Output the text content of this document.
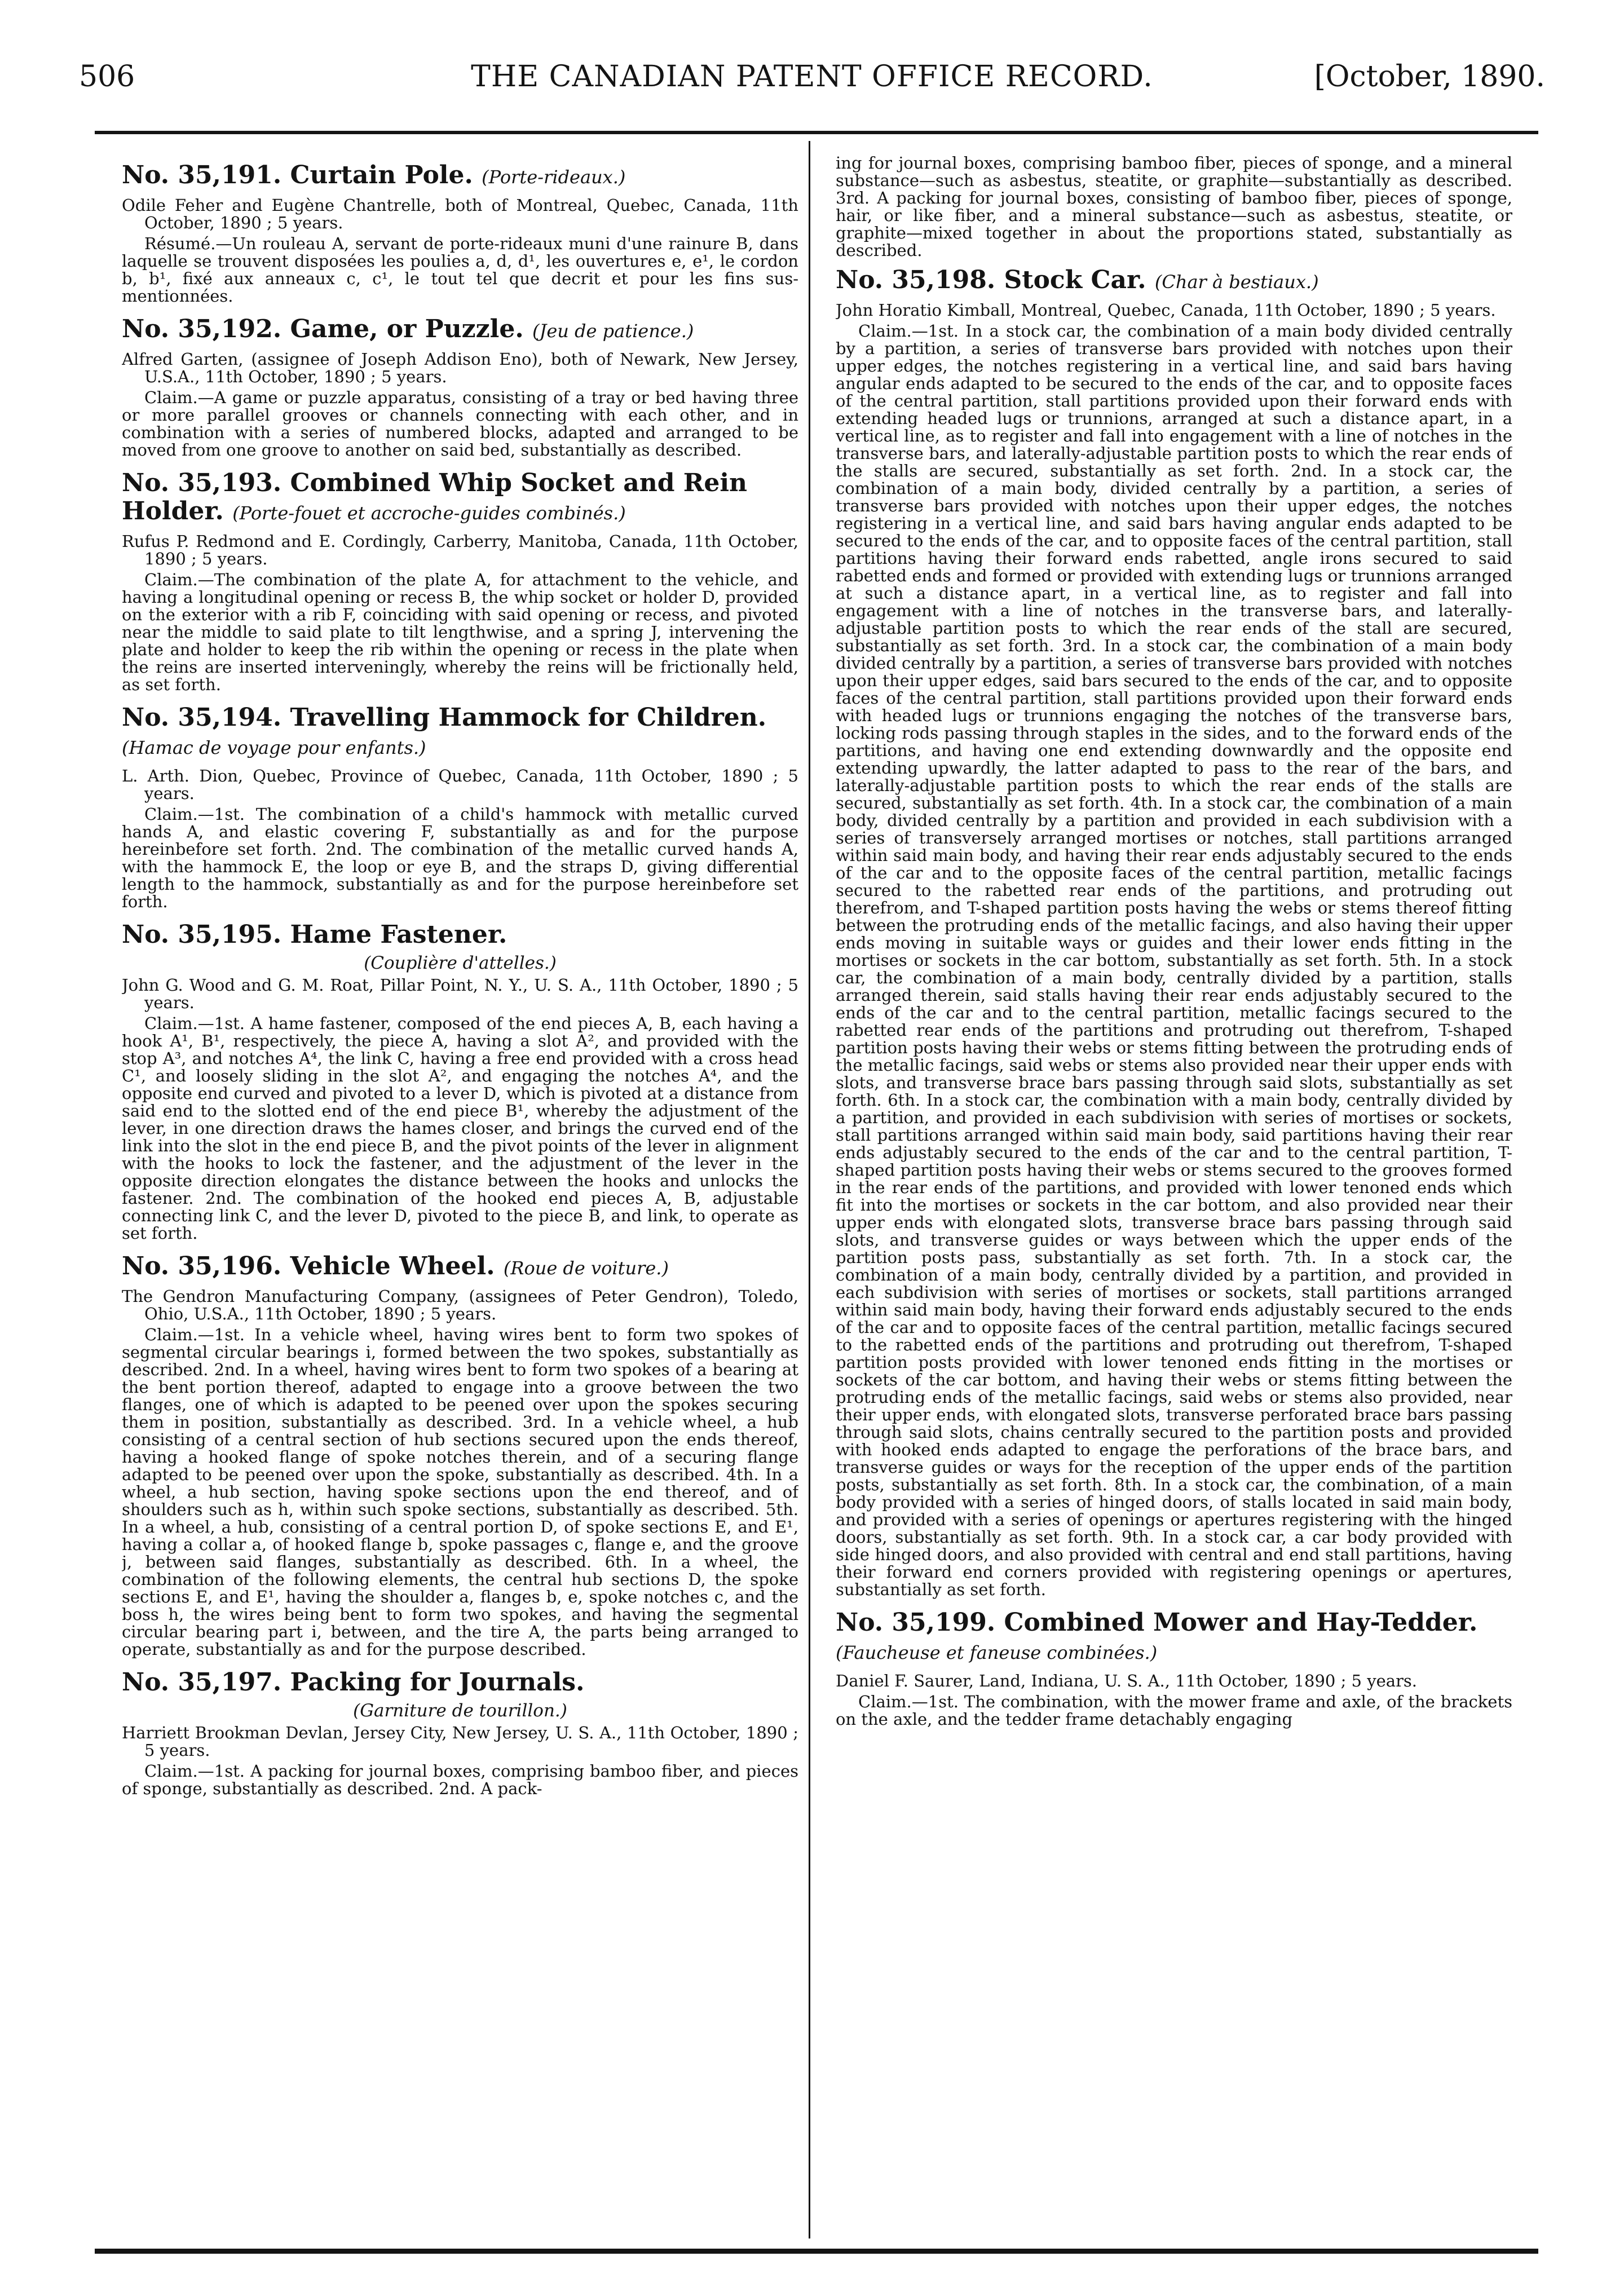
506	THE CANADIAN PATENT OFFICE RECORD.	[October, 1890.
No. 35,191. Curtain Pole. (Porte-rideaux.)
Odile Feher and Eugène Chantrelle, both of Montreal, Quebec, Canada, 11th October, 1890 ; 5 years.
Résumé.—Un rouleau A, servant de porte-rideaux muni d'une rainure B, dans laquelle se trouvent disposées les poulies a, d, d¹, les ouvertures e, e¹, le cordon b, b¹, fixé aux anneaux c, c¹, le tout tel que decrit et pour les fins sus-mentionnées.
No. 35,192. Game, or Puzzle. (Jeu de patience.)
Alfred Garten, (assignee of Joseph Addison Eno), both of Newark, New Jersey, U.S.A., 11th October, 1890 ; 5 years.
Claim.—A game or puzzle apparatus, consisting of a tray or bed having three or more parallel grooves or channels connecting with each other, and in combination with a series of numbered blocks, adapted and arranged to be moved from one groove to another on said bed, substantially as described.
No. 35,193. Combined Whip Socket and Rein Holder. (Porte-fouet et accroche-guides combinés.)
Rufus P. Redmond and E. Cordingly, Carberry, Manitoba, Canada, 11th October, 1890 ; 5 years.
Claim.—The combination of the plate A, for attachment to the vehicle, and having a longitudinal opening or recess B, the whip socket or holder D, provided on the exterior with a rib F, coinciding with said opening or recess, and pivoted near the middle to said plate to tilt lengthwise, and a spring J, intervening the plate and holder to keep the rib within the opening or recess in the plate when the reins are inserted interveningly, whereby the reins will be frictionally held, as set forth.
No. 35,194. Travelling Hammock for Children. (Hamac de voyage pour enfants.)
L. Arth. Dion, Quebec, Province of Quebec, Canada, 11th October, 1890 ; 5 years.
Claim.—1st. The combination of a child's hammock with metallic curved hands A, and elastic covering F, substantially as and for the purpose hereinbefore set forth. 2nd. The combination of the metallic curved hands A, with the hammock E, the loop or eye B, and the straps D, giving differential length to the hammock, substantially as and for the purpose hereinbefore set forth.
No. 35,195. Hame Fastener.
(Couplière d'attelles.)
John G. Wood and G. M. Roat, Pillar Point, N. Y., U. S. A., 11th October, 1890 ; 5 years.
Claim.—1st. A hame fastener, composed of the end pieces A, B, each having a hook A¹, B¹, respectively, the piece A, having a slot A², and provided with the stop A³, and notches A⁴, the link C, having a free end provided with a cross head C¹, and loosely sliding in the slot A², and engaging the notches A⁴, and the opposite end curved and pivoted to a lever D, which is pivoted at a distance from said end to the slotted end of the end piece B¹, whereby the adjustment of the lever, in one direction draws the hames closer, and brings the curved end of the link into the slot in the end piece B, and the pivot points of the lever in alignment with the hooks to lock the fastener, and the adjustment of the lever in the opposite direction elongates the distance between the hooks and unlocks the fastener. 2nd. The combination of the hooked end pieces A, B, adjustable connecting link C, and the lever D, pivoted to the piece B, and link, to operate as set forth.
No. 35,196. Vehicle Wheel. (Roue de voiture.)
The Gendron Manufacturing Company, (assignees of Peter Gendron), Toledo, Ohio, U.S.A., 11th October, 1890 ; 5 years.
Claim.—1st. In a vehicle wheel, having wires bent to form two spokes of segmental circular bearings i, formed between the two spokes, substantially as described. 2nd. In a wheel, having wires bent to form two spokes of a bearing at the bent portion thereof, adapted to engage into a groove between the two flanges, one of which is adapted to be peened over upon the spokes securing them in position, substantially as described. 3rd. In a vehicle wheel, a hub consisting of a central section of hub sections secured upon the ends thereof, having a hooked flange of spoke notches therein, and of a securing flange adapted to be peened over upon the spoke, substantially as described. 4th. In a wheel, a hub section, having spoke sections upon the end thereof, and of shoulders such as h, within such spoke sections, substantially as described. 5th. In a wheel, a hub, consisting of a central portion D, of spoke sections E, and E¹, having a collar a, of hooked flange b, spoke passages c, flange e, and the groove j, between said flanges, substantially as described. 6th. In a wheel, the combination of the following elements, the central hub sections D, the spoke sections E, and E¹, having the shoulder a, flanges b, e, spoke notches c, and the boss h, the wires being bent to form two spokes, and having the segmental circular bearing part i, between, and the tire A, the parts being arranged to operate, substantially as and for the purpose described.
No. 35,197. Packing for Journals.
(Garniture de tourillon.)
Harriett Brookman Devlan, Jersey City, New Jersey, U. S. A., 11th October, 1890 ; 5 years.
Claim.—1st. A packing for journal boxes, comprising bamboo fiber, and pieces of sponge, substantially as described. 2nd. A pack-
ing for journal boxes, comprising bamboo fiber, pieces of sponge, and a mineral substance—such as asbestus, steatite, or graphite—substantially as described. 3rd. A packing for journal boxes, consisting of bamboo fiber, pieces of sponge, hair, or like fiber, and a mineral substance—such as asbestus, steatite, or graphite—mixed together in about the proportions stated, substantially as described.
No. 35,198. Stock Car. (Char à bestiaux.)
John Horatio Kimball, Montreal, Quebec, Canada, 11th October, 1890 ; 5 years.
Claim.—1st. In a stock car, the combination of a main body divided centrally by a partition, a series of transverse bars provided with notches upon their upper edges, the notches registering in a vertical line, and said bars having angular ends adapted to be secured to the ends of the car, and to opposite faces of the central partition, stall partitions provided upon their forward ends with extending headed lugs or trunnions, arranged at such a distance apart, in a vertical line, as to register and fall into engagement with a line of notches in the transverse bars, and laterally-adjustable partition posts to which the rear ends of the stalls are secured, substantially as set forth. 2nd. In a stock car, the combination of a main body, divided centrally by a partition, a series of transverse bars provided with notches upon their upper edges, the notches registering in a vertical line, and said bars having angular ends adapted to be secured to the ends of the car, and to opposite faces of the central partition, stall partitions having their forward ends rabetted, angle irons secured to said rabetted ends and formed or provided with extending lugs or trunnions arranged at such a distance apart, in a vertical line, as to register and fall into engagement with a line of notches in the transverse bars, and laterally-adjustable partition posts to which the rear ends of the stall are secured, substantially as set forth. 3rd. In a stock car, the combination of a main body divided centrally by a partition, a series of transverse bars provided with notches upon their upper edges, said bars secured to the ends of the car, and to opposite faces of the central partition, stall partitions provided upon their forward ends with headed lugs or trunnions engaging the notches of the transverse bars, locking rods passing through staples in the sides, and to the forward ends of the partitions, and having one end extending downwardly and the opposite end extending upwardly, the latter adapted to pass to the rear of the bars, and laterally-adjustable partition posts to which the rear ends of the stalls are secured, substantially as set forth. 4th. In a stock car, the combination of a main body, divided centrally by a partition and provided in each subdivision with a series of transversely arranged mortises or notches, stall partitions arranged within said main body, and having their rear ends adjustably secured to the ends of the car and to the opposite faces of the central partition, metallic facings secured to the rabetted rear ends of the partitions, and protruding out therefrom, and T-shaped partition posts having the webs or stems thereof fitting between the protruding ends of the metallic facings, and also having their upper ends moving in suitable ways or guides and their lower ends fitting in the mortises or sockets in the car bottom, substantially as set forth. 5th. In a stock car, the combination of a main body, centrally divided by a partition, stalls arranged therein, said stalls having their rear ends adjustably secured to the ends of the car and to the central partition, metallic facings secured to the rabetted rear ends of the partitions and protruding out therefrom, T-shaped partition posts having their webs or stems fitting between the protruding ends of the metallic facings, said webs or stems also provided near their upper ends with slots, and transverse brace bars passing through said slots, substantially as set forth. 6th. In a stock car, the combination with a main body, centrally divided by a partition, and provided in each subdivision with series of mortises or sockets, stall partitions arranged within said main body, said partitions having their rear ends adjustably secured to the ends of the car and to the central partition, T-shaped partition posts having their webs or stems secured to the grooves formed in the rear ends of the partitions, and provided with lower tenoned ends which fit into the mortises or sockets in the car bottom, and also provided near their upper ends with elongated slots, transverse brace bars passing through said slots, and transverse guides or ways between which the upper ends of the partition posts pass, substantially as set forth. 7th. In a stock car, the combination of a main body, centrally divided by a partition, and provided in each subdivision with series of mortises or sockets, stall partitions arranged within said main body, having their forward ends adjustably secured to the ends of the car and to opposite faces of the central partition, metallic facings secured to the rabetted ends of the partitions and protruding out therefrom, T-shaped partition posts provided with lower tenoned ends fitting in the mortises or sockets of the car bottom, and having their webs or stems fitting between the protruding ends of the metallic facings, said webs or stems also provided, near their upper ends, with elongated slots, transverse perforated brace bars passing through said slots, chains centrally secured to the partition posts and provided with hooked ends adapted to engage the perforations of the brace bars, and transverse guides or ways for the reception of the upper ends of the partition posts, substantially as set forth. 8th. In a stock car, the combination, of a main body provided with a series of hinged doors, of stalls located in said main body, and provided with a series of openings or apertures registering with the hinged doors, substantially as set forth. 9th. In a stock car, a car body provided with side hinged doors, and also provided with central and end stall partitions, having their forward end corners provided with registering openings or apertures, substantially as set forth.
No. 35,199. Combined Mower and Hay-Tedder. (Faucheuse et faneuse combinées.)
Daniel F. Saurer, Land, Indiana, U. S. A., 11th October, 1890 ; 5 years.
Claim.—1st. The combination, with the mower frame and axle, of the brackets on the axle, and the tedder frame detachably engaging
